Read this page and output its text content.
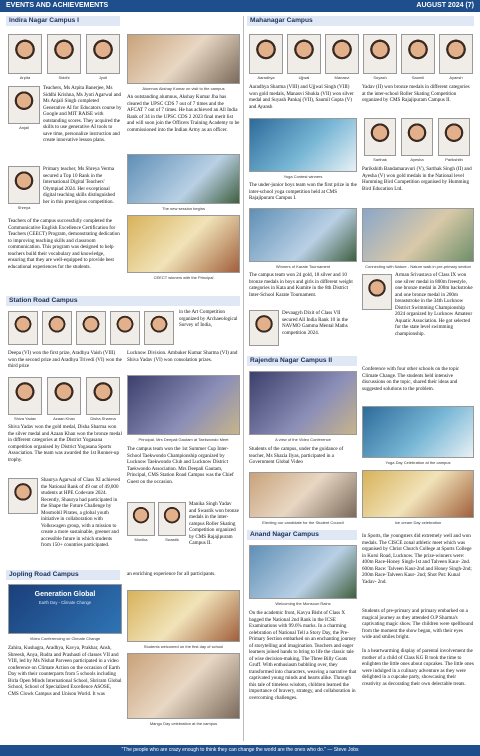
EVENTS AND ACHIEVEMENTS	AUGUST 2024 (7)
Indira Nagar Campus I
Arpita	Siddhi	Jyoti
Anjali
Teachers, Ms Arpita Banerjee, Ms Siddhi Krishna, Ms Jyoti Agarwal and Ms Anjali Singh completed Generative AI for Educators course by Google and MIT RAISE with outstanding scores. They acquired the skills to use generative AI tools to save time, personalize instruction and create innovative lesson plans.
Shreya
Primary teacher, Ms Shreya Verma secured a Top 10 Rank in the International Digital Teachers' Olympiad 2024. Her exceptional digital teaching skills distinguished her in this prestigious competition.
Teachers of the campus successfully completed the Communicative English Excellence Certification for Teachers (CEECT) Program, demonstrating dedication to improving teaching skills and classroom communication. This program was designed to help teachers build their vocabulary and knowledge, ensuring that they are well-equipped to provide best educational experiences for the students.
Alumnus Akshay Kumar on visit to the campus
An outstanding alumnus, Akshay Kumar Jha has cleared the UPSC CDS 7 out of 7 times and the AFCAT 7 out of 7 times. He has achieved an All India Rank of 34 in the UPSC CDS 2 2023 final merit list and will soon join the Officers Training Academy to be commissioned into the Indian Army as an officer.
The new session begins
CEECT winners with the Principal
Station Road Campus
in the Art Competition organized by Archaeological Survey of India,
Deepa (VI) won the first prize, Aradhya Vaish (VIII) won the second prize and Aradhya Trivedi (VI) won the third prize
Lucknow Division. Ambuker Kumar Sharma (VI) and Shiva Yadav (VI) won consolation prizes.
Shiva Yadav	Azaan Khan	Disha Sharma
Shiva Yadav won the gold medal, Disha Sharma won the silver medal and Azaan Khan won the bronze medal in different categories at the District Yogasana competition organised by District Yogasana Sports Association. The team was awarded the 1st Runner-up trophy.
Shaurya Agarwal of Class XI achieved the National Rank of 49 out of 49,000 students at HPE Codevate 2024. Recently, Shaurya had participated in the Shape the Future Challenge by Mosmobil Pirates, a global youth initiative in collaboration with Volkswagen group, with a mission to create a more sustainable, greener and accessible future in which students from 150+ countries participated.
Principal, Mrs Deepali Gautam at Taekwondo Meet
The campus team won the 1st Summer Cup Inter-School Taekwondo Championship organized by Lucknow Taekwondo Club and Lucknow District Taekwondo Association. Mrs Deepali Gautam, Principal, CMS Station Road Campus was the Chief Guest on the occasion.
Monika	Swastik
Manika Singh Yadav and Swastik won bronze medals in the inter-campus Roller Skating Competition organized by CMS Rajajipuram Campus II.
Jopling Road Campus
Generation Global
Earth Day - Climate Change
Video Conferencing on Climate Change
Zahira, Kushagra, Aradhya, Kavya, Prakhar, Ansh, Shreesh, Anya, Rudra and Prashasti of classes VII and VIII, led by Ms Nishat Parveen participated in a video conference on Climate Action on the occasion of Earth Day with their counterparts from 5 schools including Birla Open Minds International School, Shriram Global School, School of Specialized Excellence ASOSE, CMS Clowk Campus and Unison World. It was
an enriching experience for all participants.
Students welcomed on the first day of school
Mango Day celebration at the campus
Mahanagar Campus
Aaradhya	Ujjwal	Manasvi	Suyash	Saumil	Ayansh
Aaradhya Sharma (VIII) and Ujjwal Singh (VIII) won gold medals, Manasvi Shukla (VII) won silver medal and Suyash Pankaj (VII), Saumil Gupta (V) and Ayansh
Yadav (II) won bronze medals in different categories at the inter-school Roller Skating Competition organized by CMS Rajajipuram Campus II.
Yoga Contest winners
The under-junior boys team won the first prize in the inter-school yoga competition held at CMS Rajajipuram Campus I.
Sarthak	Ayesha	Parikshith
Parikshith Bandamaravuri (V), Sarthak Singh (II) and Ayesha (V) won gold medals in the National level Humming Bird Competition organised by Humming Bird Education Ltd.
Winners of Karate Tournament	Connecting with Nature - Nature walk in pre-primary section
The campus team won 24 gold, 18 silver and 10 bronze medals in boys and girls in different weight categories in Kata and Kumite in the 8th District Inter-School Karate Tournament.
Devaagyh Dixit of Class VII secured All India Rank 10 in the NAVMO Gamma Mental Maths competition 2024.
Arman Srivastava of Class IX won one silver medal in 800m freestyle, one bronze medal in 200m backstroke and one bronze medal in 200m breaststroke in the 34th Lucknow District Swimming Championship 2024 organized by Lucknow Amateur Aquatic Association. He got selected for the state level swimming championship.
Rajendra Nagar Campus II
A view of the Video Conference
Students of the campus, under the guidance of teacher, Ms Shazia Ilyas, participated in a Government Global Video
Conference with four other schools on the topic Climate Change. The students held intensive discussions on the topic, shared their ideas and suggested solutions to the problem.
Yoga Day Celebration at the campus
Electing our candidate for the Student Council	Ice cream Day celebration
Anand Nagar Campus
Welcoming the Monsoon Rains
On the academic front, Kavya Bisht of Class X bagged the National 2nd Rank in the ICSE Examinations with 99.6% marks. In a charming celebration of National Tell a Story Day, the Pre-Primary Section embarked on an enchanting journey of storytelling and imagination. Teachers and eager learners joined hands to bring to life the classic tale of wise decision-making, The Three Billy Goats Gruff. With enthusiasm bubbling over, they transformed into characters, weaving a narrative that captivated young minds and hearts alike. Through this tale of timeless wisdom, children learned the importance of bravery, strategy, and collaboration in overcoming challenges.
In Sports, the youngsters did extremely well and won medals. The CISCE zonal athletic meet which was organised by Christ Church College at Sports College in Kursi Road, Lucknow. The prize-winners were: 400m Race-Honey Singh-1st and Talveen Kaur- 2nd. 600m Race: Talveen Kaur-2nd and Honey Singh-2nd; 200m Race-Talveen Kaur- 2nd; Shot Put: Kunal Yadav- 2nd.
Students of pre-primary and primary embarked on a magical journey as they attended O.P Sharma's captivating magic show. The children were spellbound from the moment the show began, with their eyes wide and smiles bright.
In a heartwarming display of parental involvement the mother of a child of Class KG B took the time to enlighten the little ones about cupcakes. The little ones were indulged in a culinary adventure as they were delighted in a cupcake party, showcasing their creativity as decorating their own delectable treats.
"The people who are crazy enough to think they can change the world are the ones who do." — Steve Jobs
